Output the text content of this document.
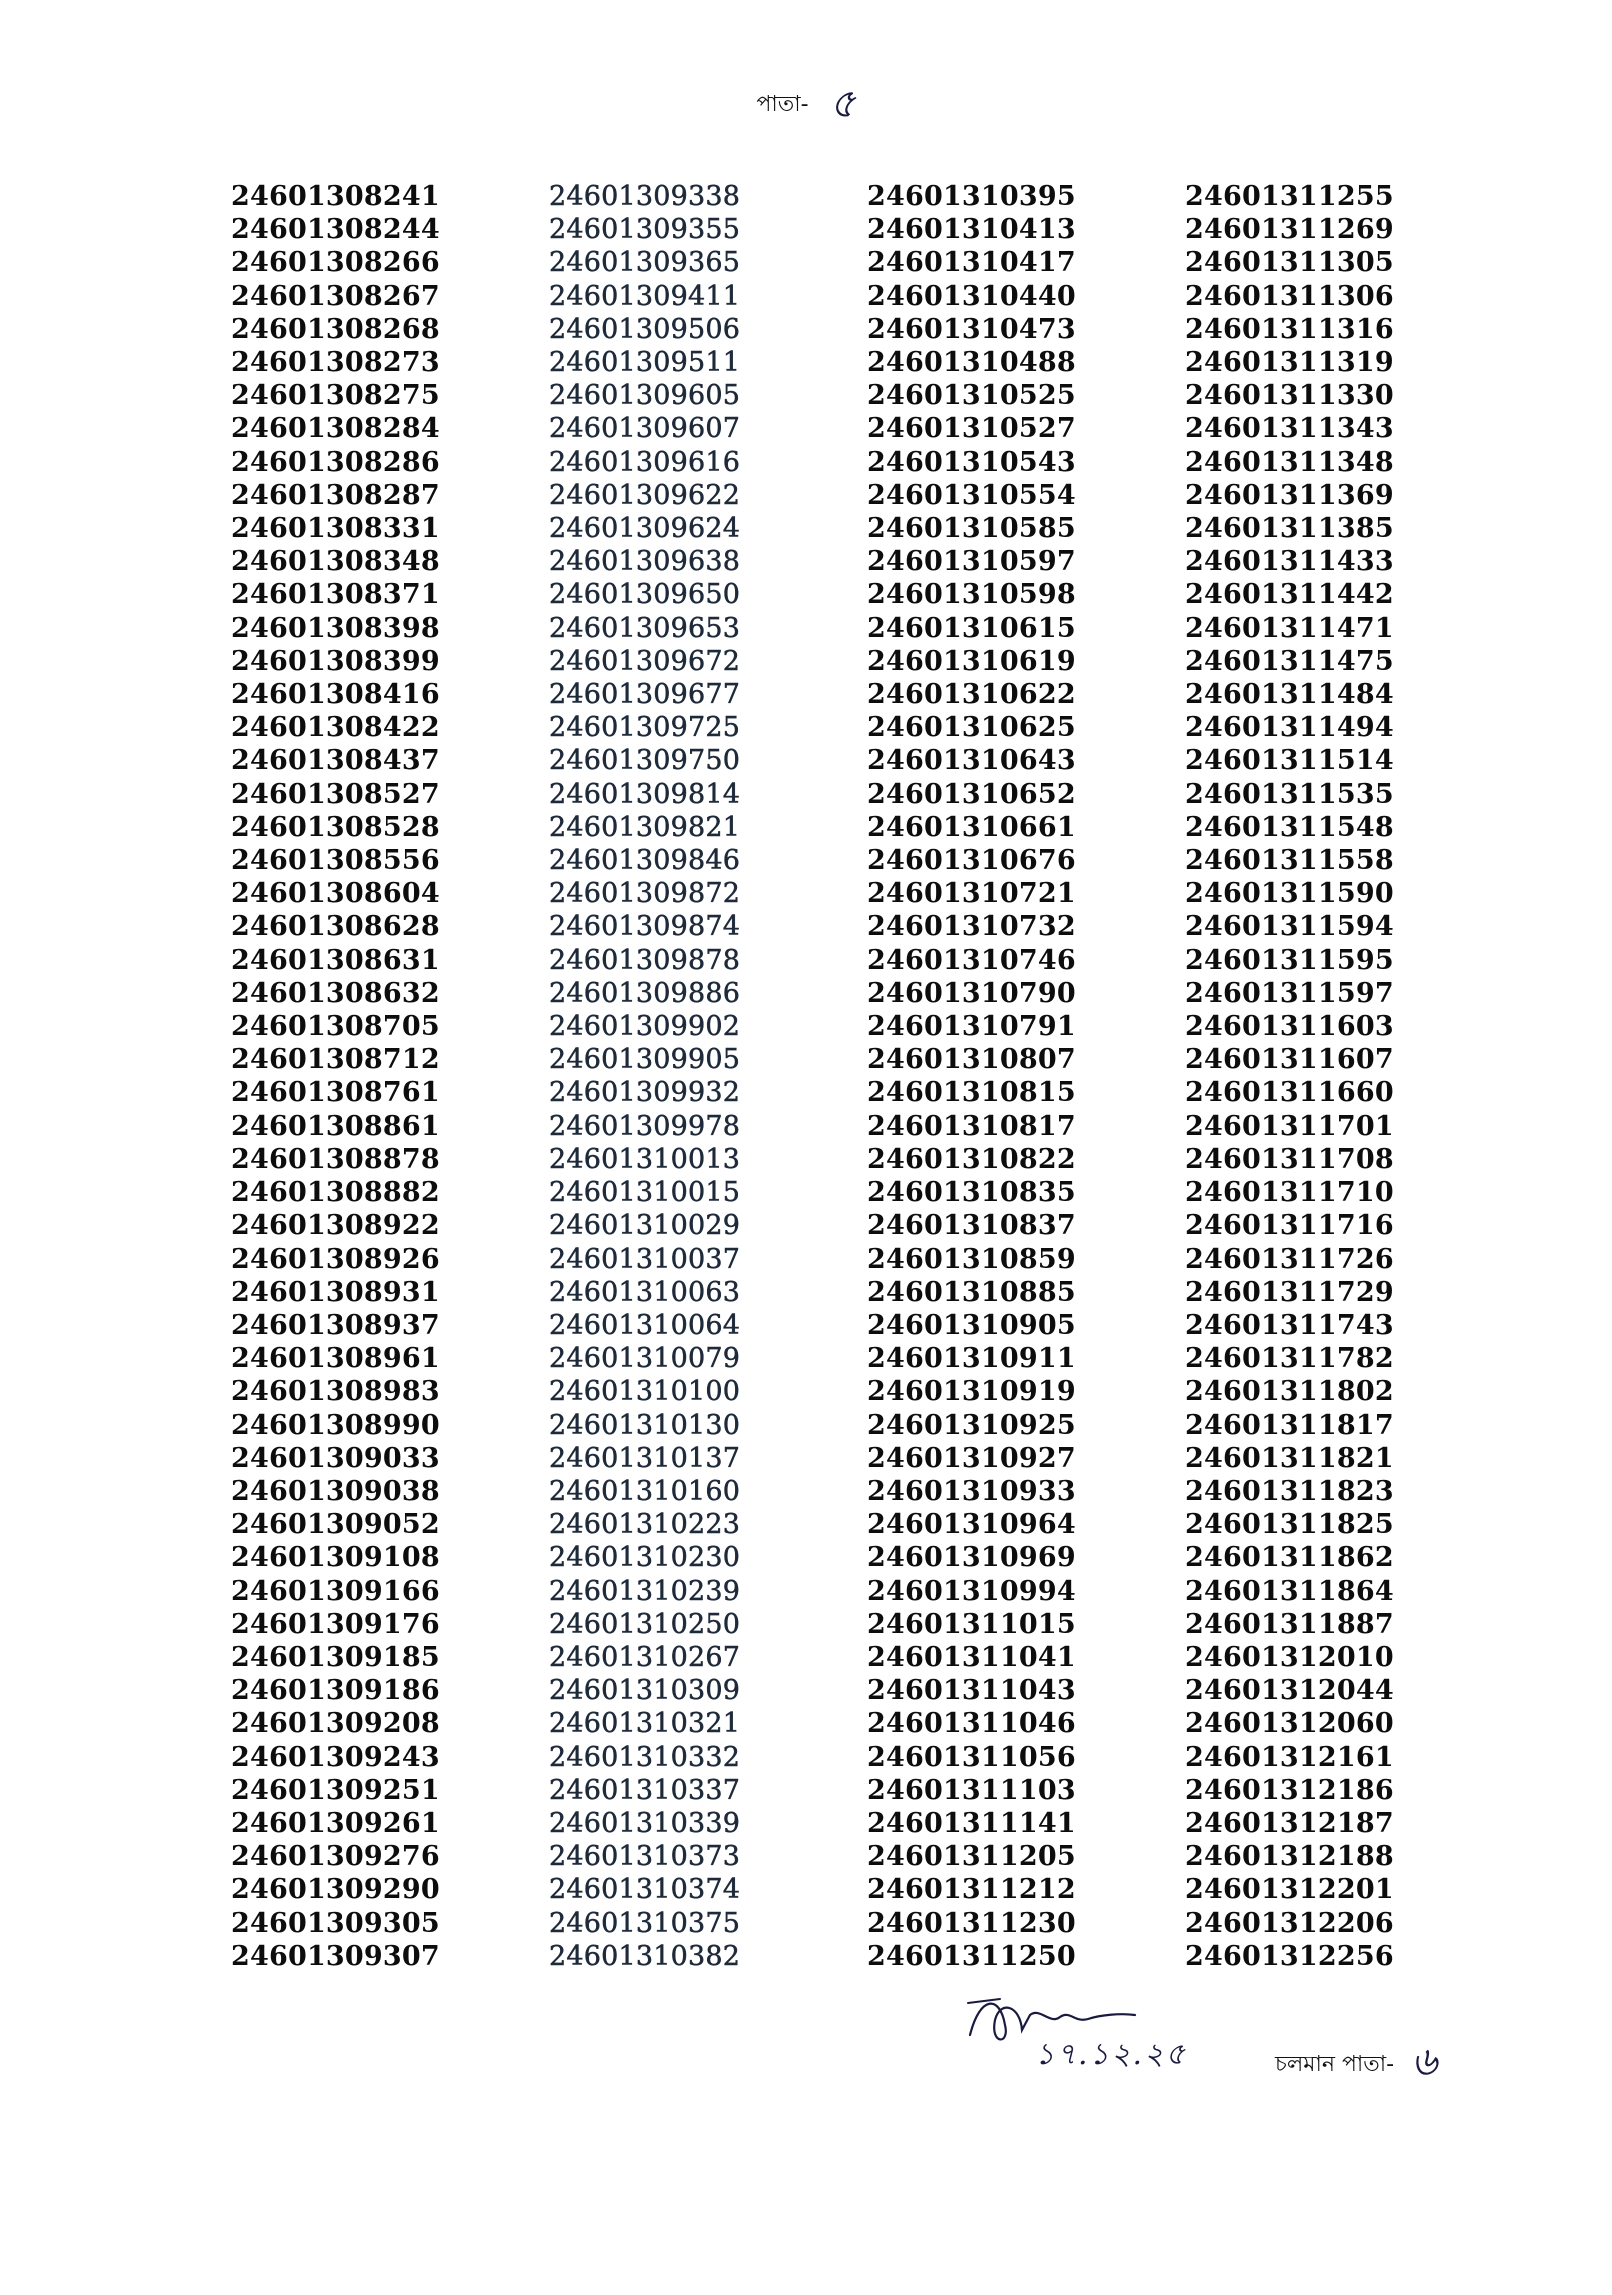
পাতা- ৫
24601308241
24601308244
24601308266
24601308267
24601308268
24601308273
24601308275
24601308284
24601308286
24601308287
24601308331
24601308348
24601308371
24601308398
24601308399
24601308416
24601308422
24601308437
24601308527
24601308528
24601308556
24601308604
24601308628
24601308631
24601308632
24601308705
24601308712
24601308761
24601308861
24601308878
24601308882
24601308922
24601308926
24601308931
24601308937
24601308961
24601308983
24601308990
24601309033
24601309038
24601309052
24601309108
24601309166
24601309176
24601309185
24601309186
24601309208
24601309243
24601309251
24601309261
24601309276
24601309290
24601309305
24601309307
24601309338
24601309355
24601309365
24601309411
24601309506
24601309511
24601309605
24601309607
24601309616
24601309622
24601309624
24601309638
24601309650
24601309653
24601309672
24601309677
24601309725
24601309750
24601309814
24601309821
24601309846
24601309872
24601309874
24601309878
24601309886
24601309902
24601309905
24601309932
24601309978
24601310013
24601310015
24601310029
24601310037
24601310063
24601310064
24601310079
24601310100
24601310130
24601310137
24601310160
24601310223
24601310230
24601310239
24601310250
24601310267
24601310309
24601310321
24601310332
24601310337
24601310339
24601310373
24601310374
24601310375
24601310382
24601310395
24601310413
24601310417
24601310440
24601310473
24601310488
24601310525
24601310527
24601310543
24601310554
24601310585
24601310597
24601310598
24601310615
24601310619
24601310622
24601310625
24601310643
24601310652
24601310661
24601310676
24601310721
24601310732
24601310746
24601310790
24601310791
24601310807
24601310815
24601310817
24601310822
24601310835
24601310837
24601310859
24601310885
24601310905
24601310911
24601310919
24601310925
24601310927
24601310933
24601310964
24601310969
24601310994
24601311015
24601311041
24601311043
24601311046
24601311056
24601311103
24601311141
24601311205
24601311212
24601311230
24601311250
24601311255
24601311269
24601311305
24601311306
24601311316
24601311319
24601311330
24601311343
24601311348
24601311369
24601311385
24601311433
24601311442
24601311471
24601311475
24601311484
24601311494
24601311514
24601311535
24601311548
24601311558
24601311590
24601311594
24601311595
24601311597
24601311603
24601311607
24601311660
24601311701
24601311708
24601311710
24601311716
24601311726
24601311729
24601311743
24601311782
24601311802
24601311817
24601311821
24601311823
24601311825
24601311862
24601311864
24601311887
24601312010
24601312044
24601312060
24601312161
24601312186
24601312187
24601312188
24601312201
24601312206
24601312256
১৭.১২.২৫	চলমান পাতা- ৬
